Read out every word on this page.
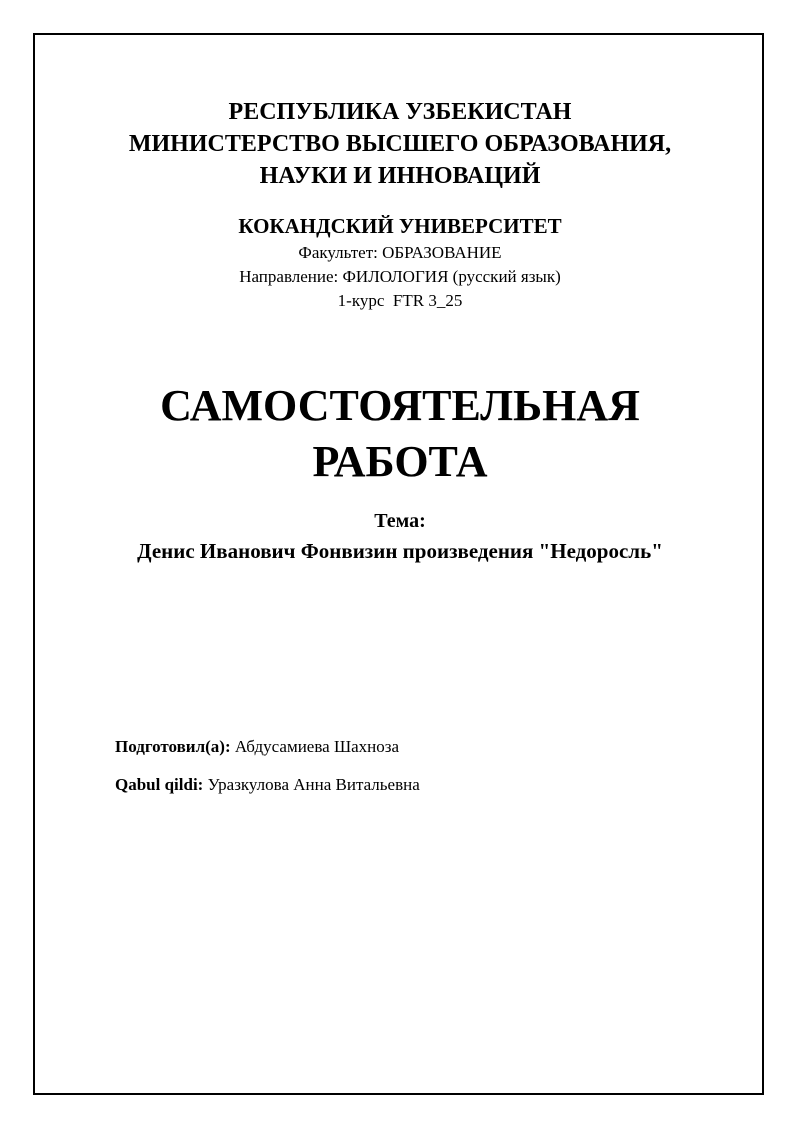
РЕСПУБЛИКА УЗБЕКИСТАН
МИНИСТЕРСТВО ВЫСШЕГО ОБРАЗОВАНИЯ,
НАУКИ И ИННОВАЦИЙ
КОКАНДСКИЙ УНИВЕРСИТЕТ
Факультет: ОБРАЗОВАНИЕ
Направление: ФИЛОЛОГИЯ (русский язык)
1-курс  FTR 3_25
САМОСТОЯТЕЛЬНАЯ
РАБОТА
Тема:
Денис Иванович Фонвизин произведения "Недоросль"
Подготовил(а): Абдусамиева Шахноза
Qabul qildi: Уразкулова Анна Витальевна
